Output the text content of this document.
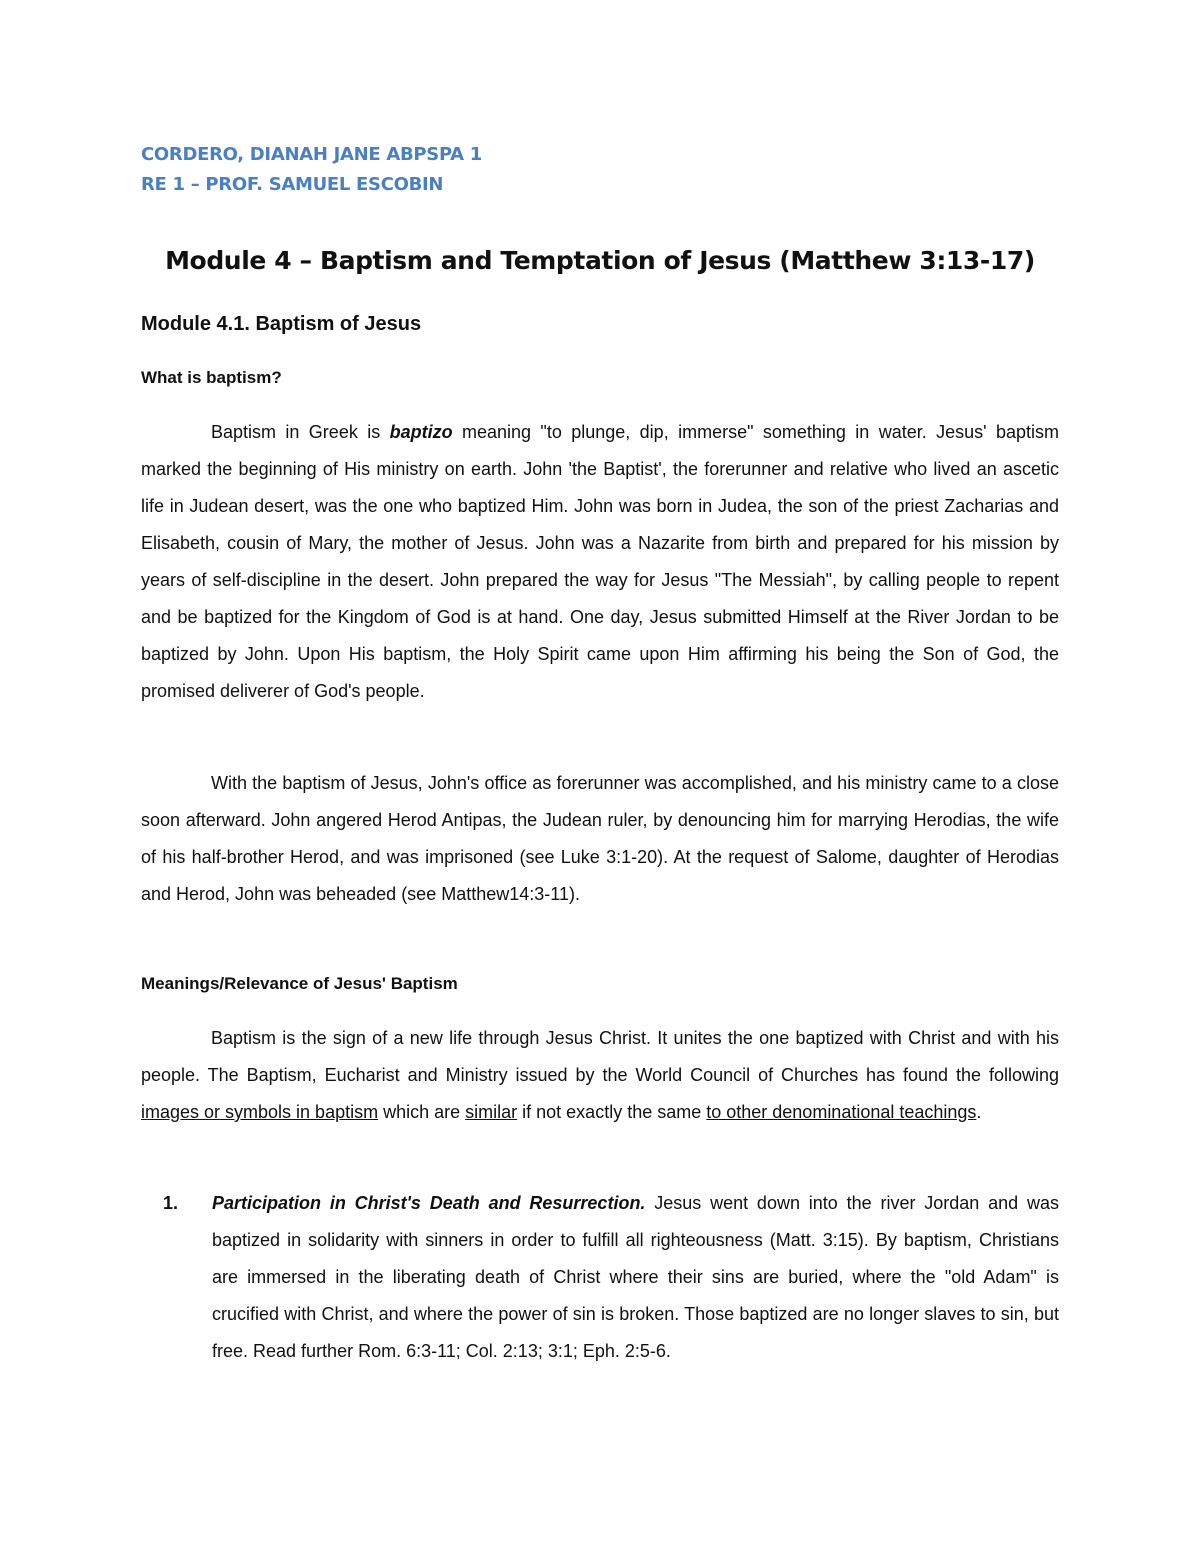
CORDERO, DIANAH JANE ABPSPA 1
RE 1 – PROF. SAMUEL ESCOBIN
Module 4 – Baptism and Temptation of Jesus (Matthew 3:13-17)
Module 4.1. Baptism of Jesus
What is baptism?

Baptism in Greek is baptizo meaning "to plunge, dip, immerse" something in water. Jesus' baptism marked the beginning of His ministry on earth. John 'the Baptist', the forerunner and relative who lived an ascetic life in Judean desert, was the one who baptized Him. John was born in Judea, the son of the priest Zacharias and Elisabeth, cousin of Mary, the mother of Jesus. John was a Nazarite from birth and prepared for his mission by years of self-discipline in the desert. John prepared the way for Jesus "The Messiah", by calling people to repent and be baptized for the Kingdom of God is at hand. One day, Jesus submitted Himself at the River Jordan to be baptized by John. Upon His baptism, the Holy Spirit came upon Him affirming his being the Son of God, the promised deliverer of God's people.

With the baptism of Jesus, John's office as forerunner was accomplished, and his ministry came to a close soon afterward. John angered Herod Antipas, the Judean ruler, by denouncing him for marrying Herodias, the wife of his half-brother Herod, and was imprisoned (see Luke 3:1-20). At the request of Salome, daughter of Herodias and Herod, John was beheaded (see Matthew14:3-11).

Meanings/Relevance of Jesus' Baptism

Baptism is the sign of a new life through Jesus Christ. It unites the one baptized with Christ and with his people. The Baptism, Eucharist and Ministry issued by the World Council of Churches has found the following images or symbols in baptism which are similar if not exactly the same to other denominational teachings.

1. Participation in Christ's Death and Resurrection. Jesus went down into the river Jordan and was baptized in solidarity with sinners in order to fulfill all righteousness (Matt. 3:15). By baptism, Christians are immersed in the liberating death of Christ where their sins are buried, where the "old Adam" is crucified with Christ, and where the power of sin is broken. Those baptized are no longer slaves to sin, but free. Read further Rom. 6:3-11; Col. 2:13; 3:1; Eph. 2:5-6.
